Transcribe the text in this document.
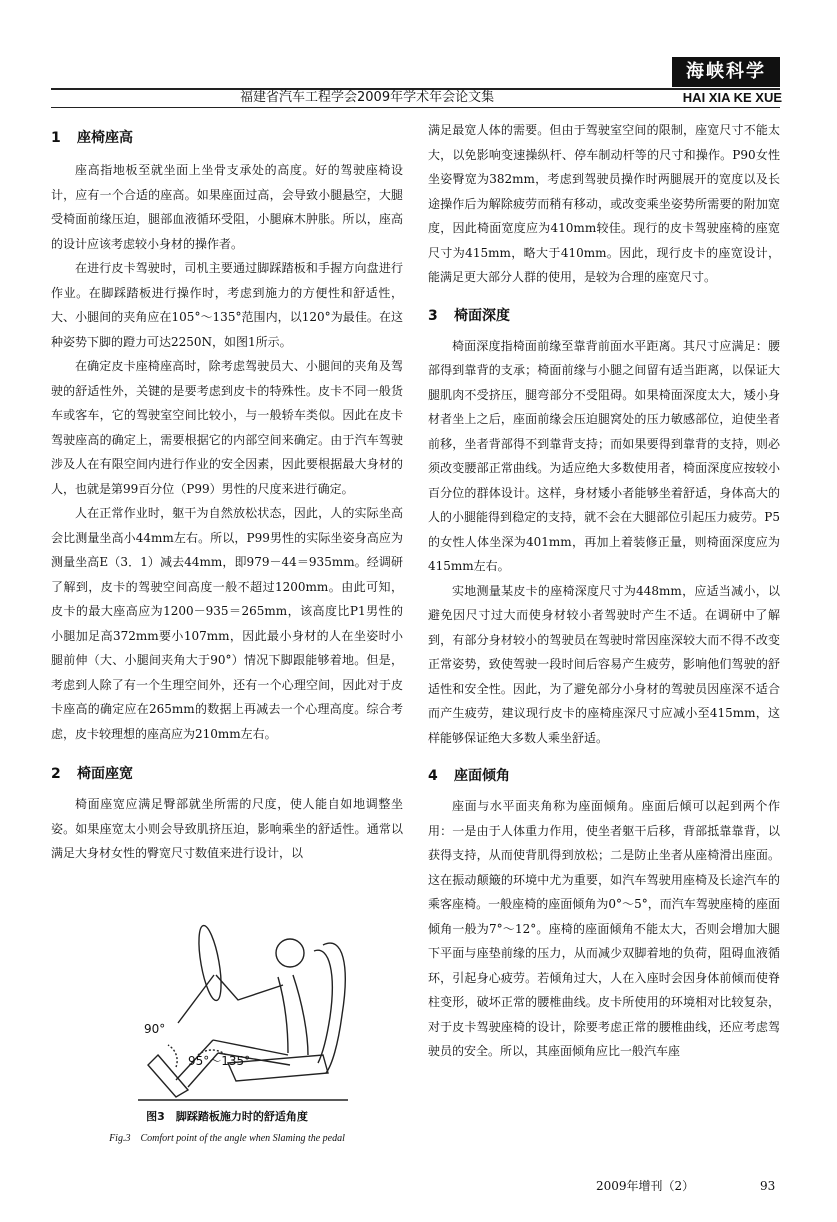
海峡科学
福建省汽车工程学会2009年学术年会论文集	HAI XIA KE XUE
1 座椅座高

座高指地板至就坐面上坐骨支承处的高度。好的驾驶座椅设计，应有一个合适的座高。如果座面过高，会导致小腿悬空，大腿受椅面前缘压迫，腿部血液循环受阻，小腿麻木肿胀。所以，座高的设计应该考虑较小身材的操作者。

在进行皮卡驾驶时，司机主要通过脚踩踏板和手握方向盘进行作业。在脚踩踏板进行操作时，考虑到施力的方便性和舒适性，大、小腿间的夹角应在105°～135°范围内，以120°为最佳。在这种姿势下脚的蹬力可达2250N，如图1所示。

在确定皮卡座椅座高时，除考虑驾驶员大、小腿间的夹角及驾驶的舒适性外，关键的是要考虑到皮卡的特殊性。皮卡不同一般货车或客车，它的驾驶室空间比较小，与一般轿车类似。因此在皮卡驾驶座高的确定上，需要根据它的内部空间来确定。由于汽车驾驶涉及人在有限空间内进行作业的安全因素，因此要根据最大身材的人，也就是第99百分位（P99）男性的尺度来进行确定。

人在正常作业时，躯干为自然放松状态，因此，人的实际坐高会比测量坐高小44mm左右。所以，P99男性的实际坐姿身高应为测量坐高E（3．1）减去44mm，即979－44＝935mm。经调研了解到，皮卡的驾驶空间高度一般不超过1200mm。由此可知，皮卡的最大座高应为1200－935＝265mm，该高度比P1男性的小腿加足高372mm要小107mm，因此最小身材的人在坐姿时小腿前伸（大、小腿间夹角大于90°）情况下脚跟能够着地。但是，考虑到人除了有一个生理空间外，还有一个心理空间，因此对于皮卡座高的确定应在265mm的数据上再减去一个心理高度。综合考虑，皮卡较理想的座高应为210mm左右。

2 椅面座宽

椅面座宽应满足臀部就坐所需的尺度，使人能自如地调整坐姿。如果座宽太小则会导致肌挤压迫，影响乘坐的舒适性。通常以满足大身材女性的臀宽尺寸数值来进行设计，以

90°
95°～135°
图3　脚踩踏板施力时的舒适角度
Fig.3　Comfort point of the angle when Slaming the pedal

满足最宽人体的需要。但由于驾驶室空间的限制，座宽尺寸不能太大，以免影响变速操纵杆、停车制动杆等的尺寸和操作。P90女性坐姿臀宽为382mm，考虑到驾驶员操作时两腿展开的宽度以及长途操作后为解除疲劳而稍有移动，或改变乘坐姿势所需要的附加宽度，因此椅面宽度应为410mm较佳。现行的皮卡驾驶座椅的座宽尺寸为415mm，略大于410mm。因此，现行皮卡的座宽设计，能满足更大部分人群的使用，是较为合理的座宽尺寸。

3 椅面深度

椅面深度指椅面前缘至靠背前面水平距离。其尺寸应满足：腰部得到靠背的支承；椅面前缘与小腿之间留有适当距离，以保证大腿肌肉不受挤压，腿弯部分不受阻碍。如果椅面深度太大，矮小身材者坐上之后，座面前缘会压迫腿窝处的压力敏感部位，迫使坐者前移，坐者背部得不到靠背支持；而如果要得到靠背的支持，则必须改变腰部正常曲线。为适应绝大多数使用者，椅面深度应按较小百分位的群体设计。这样，身材矮小者能够坐着舒适，身体高大的人的小腿能得到稳定的支持，就不会在大腿部位引起压力疲劳。P5的女性人体坐深为401mm，再加上着装修正量，则椅面深度应为415mm左右。

实地测量某皮卡的座椅深度尺寸为448mm，应适当减小，以避免因尺寸过大而使身材较小者驾驶时产生不适。在调研中了解到，有部分身材较小的驾驶员在驾驶时常因座深较大而不得不改变正常姿势，致使驾驶一段时间后容易产生疲劳，影响他们驾驶的舒适性和安全性。因此，为了避免部分小身材的驾驶员因座深不适合而产生疲劳，建议现行皮卡的座椅座深尺寸应减小至415mm，这样能够保证绝大多数人乘坐舒适。

4 座面倾角

座面与水平面夹角称为座面倾角。座面后倾可以起到两个作用：一是由于人体重力作用，使坐者躯干后移，背部抵靠靠背，以获得支持，从而使背肌得到放松；二是防止坐者从座椅滑出座面。这在振动颠簸的环境中尤为重要，如汽车驾驶用座椅及长途汽车的乘客座椅。一般座椅的座面倾角为0°～5°，而汽车驾驶座椅的座面倾角一般为7°～12°。座椅的座面倾角不能太大，否则会增加大腿下平面与座垫前缘的压力，从而减少双脚着地的负荷，阻碍血液循环，引起身心疲劳。若倾角过大，人在入座时会因身体前倾而使脊柱变形，破坏正常的腰椎曲线。皮卡所使用的环境相对比较复杂，对于皮卡驾驶座椅的设计，除要考虑正常的腰椎曲线，还应考虑驾驶员的安全。所以，其座面倾角应比一般汽车座

2009年增刊（2）	93
